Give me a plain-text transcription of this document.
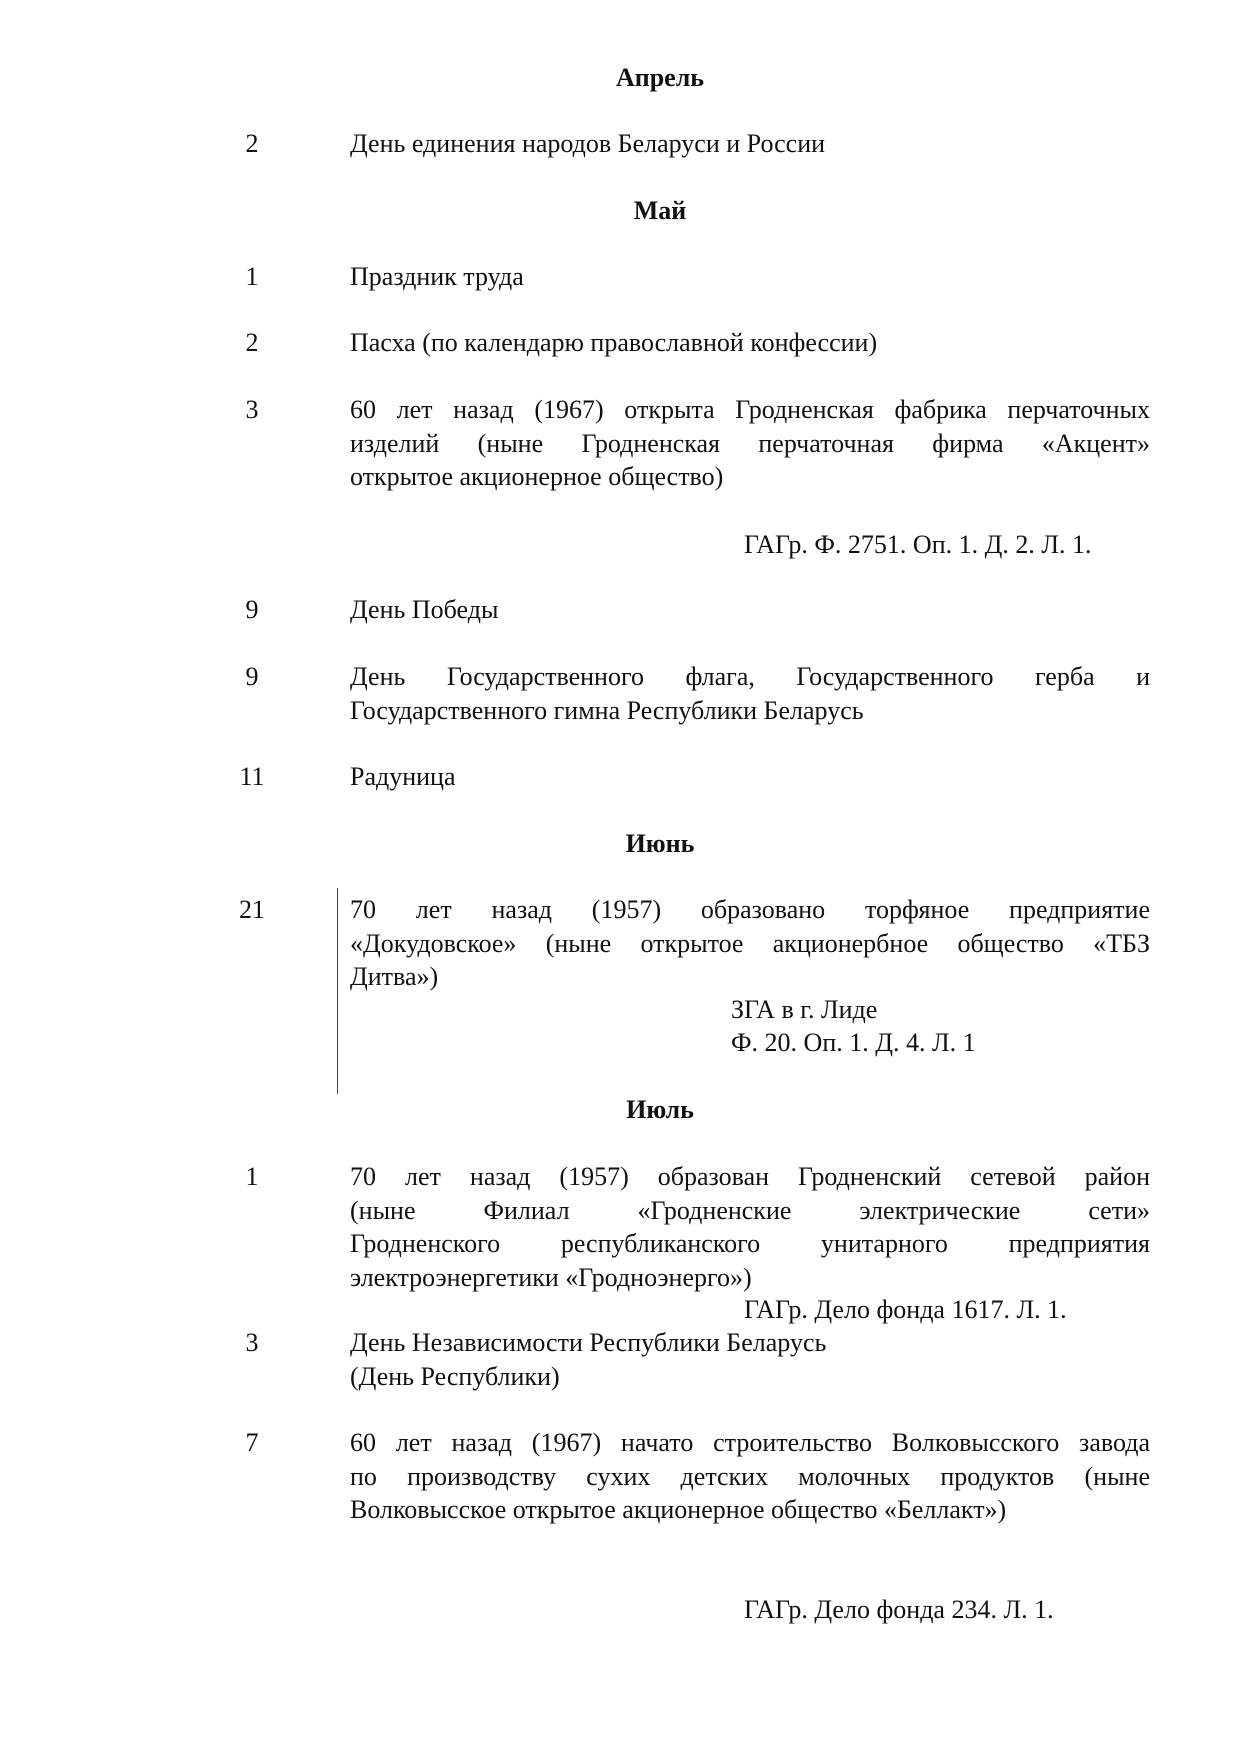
Апрель
2	День единения народов Беларуси и России
Май
1	Праздник труда
2	Пасха (по календарю православной конфессии)
3	60 лет назад (1967) открыта Гродненская фабрика перчаточных
изделий (ныне Гродненская перчаточная фирма «Акцент»
открытое акционерное общество)
ГАГр. Ф. 2751. Оп. 1. Д. 2. Л. 1.
9	День Победы
9	День Государственного флага, Государственного герба и
Государственного гимна Республики Беларусь
11	Радуница
Июнь
21	70 лет назад (1957) образовано торфяное предприятие
«Докудовское» (ныне открытое акционербное общество «ТБЗ
Дитва»)
ЗГА в г. Лиде
Ф. 20. Оп. 1. Д. 4. Л. 1
Июль
1	70 лет назад (1957) образован Гродненский сетевой район
(ныне Филиал «Гродненские электрические сети»
Гродненского республиканского унитарного предприятия
электроэнергетики «Гродноэнерго»)
ГАГр. Дело фонда 1617. Л. 1.
3	День Независимости Республики Беларусь
(День Республики)
7	60 лет назад (1967) начато строительство Волковысского завода
по производству сухих детских молочных продуктов (ныне
Волковысское открытое акционерное общество «Беллакт»)
ГАГр. Дело фонда 234. Л. 1.
